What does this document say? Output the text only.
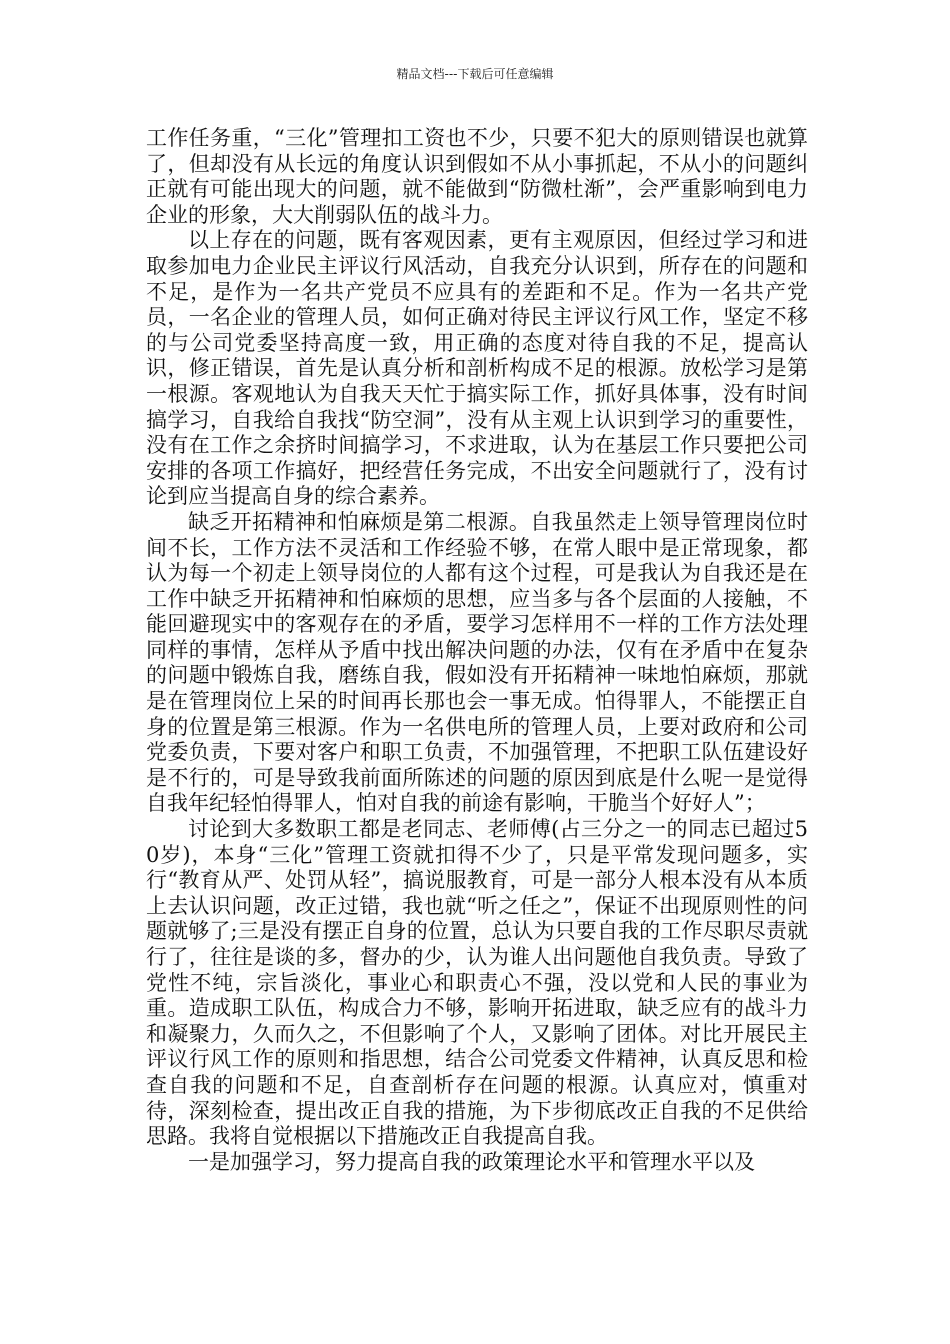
精品文档---下载后可任意编辑

工作任务重，“三化”管理扣工资也不少，只要不犯大的原则错误也就算了，但却没有从长远的角度认识到假如不从小事抓起，不从小的问题纠正就有可能出现大的问题，就不能做到“防微杜渐”，会严重影响到电力企业的形象，大大削弱队伍的战斗力。

以上存在的问题，既有客观因素，更有主观原因，但经过学习和进取参加电力企业民主评议行风活动，自我充分认识到，所存在的问题和不足，是作为一名共产党员不应具有的差距和不足。作为一名共产党员，一名企业的管理人员，如何正确对待民主评议行风工作，坚定不移的与公司党委坚持高度一致，用正确的态度对待自我的不足，提高认识，修正错误，首先是认真分析和剖析构成不足的根源。放松学习是第一根源。客观地认为自我天天忙于搞实际工作，抓好具体事，没有时间搞学习，自我给自我找“防空洞”，没有从主观上认识到学习的重要性，没有在工作之余挤时间搞学习，不求进取，认为在基层工作只要把公司安排的各项工作搞好，把经营任务完成，不出安全问题就行了，没有讨论到应当提高自身的综合素养。

缺乏开拓精神和怕麻烦是第二根源。自我虽然走上领导管理岗位时间不长，工作方法不灵活和工作经验不够，在常人眼中是正常现象，都认为每一个初走上领导岗位的人都有这个过程，可是我认为自我还是在工作中缺乏开拓精神和怕麻烦的思想，应当多与各个层面的人接触，不能回避现实中的客观存在的矛盾，要学习怎样用不一样的工作方法处理同样的事情，怎样从予盾中找出解决问题的办法，仅有在矛盾中在复杂的问题中锻炼自我，磨练自我，假如没有开拓精神一味地怕麻烦，那就是在管理岗位上呆的时间再长那也会一事无成。怕得罪人，不能摆正自身的位置是第三根源。作为一名供电所的管理人员，上要对政府和公司党委负责，下要对客户和职工负责，不加强管理，不把职工队伍建设好是不行的，可是导致我前面所陈述的问题的原因到底是什么呢一是觉得自我年纪轻怕得罪人，怕对自我的前途有影响，干脆当个好好人”；

讨论到大多数职工都是老同志、老师傅(占三分之一的同志已超过50岁)，本身“三化”管理工资就扣得不少了，只是平常发现问题多，实行“教育从严、处罚从轻”，搞说服教育，可是一部分人根本没有从本质上去认识问题，改正过错，我也就“听之任之”，保证不出现原则性的问题就够了;三是没有摆正自身的位置，总认为只要自我的工作尽职尽责就行了，往往是谈的多，督办的少，认为谁人出问题他自我负责。导致了党性不纯，宗旨淡化，事业心和职责心不强，没以党和人民的事业为重。造成职工队伍，构成合力不够，影响开拓进取，缺乏应有的战斗力和凝聚力，久而久之，不但影响了个人，又影响了团体。对比开展民主评议行风工作的原则和指思想，结合公司党委文件精神，认真反思和检查自我的问题和不足，自查剖析存在问题的根源。认真应对，慎重对待，深刻检查，提出改正自我的措施，为下步彻底改正自我的不足供给思路。我将自觉根据以下措施改正自我提高自我。

一是加强学习，努力提高自我的政策理论水平和管理水平以及
